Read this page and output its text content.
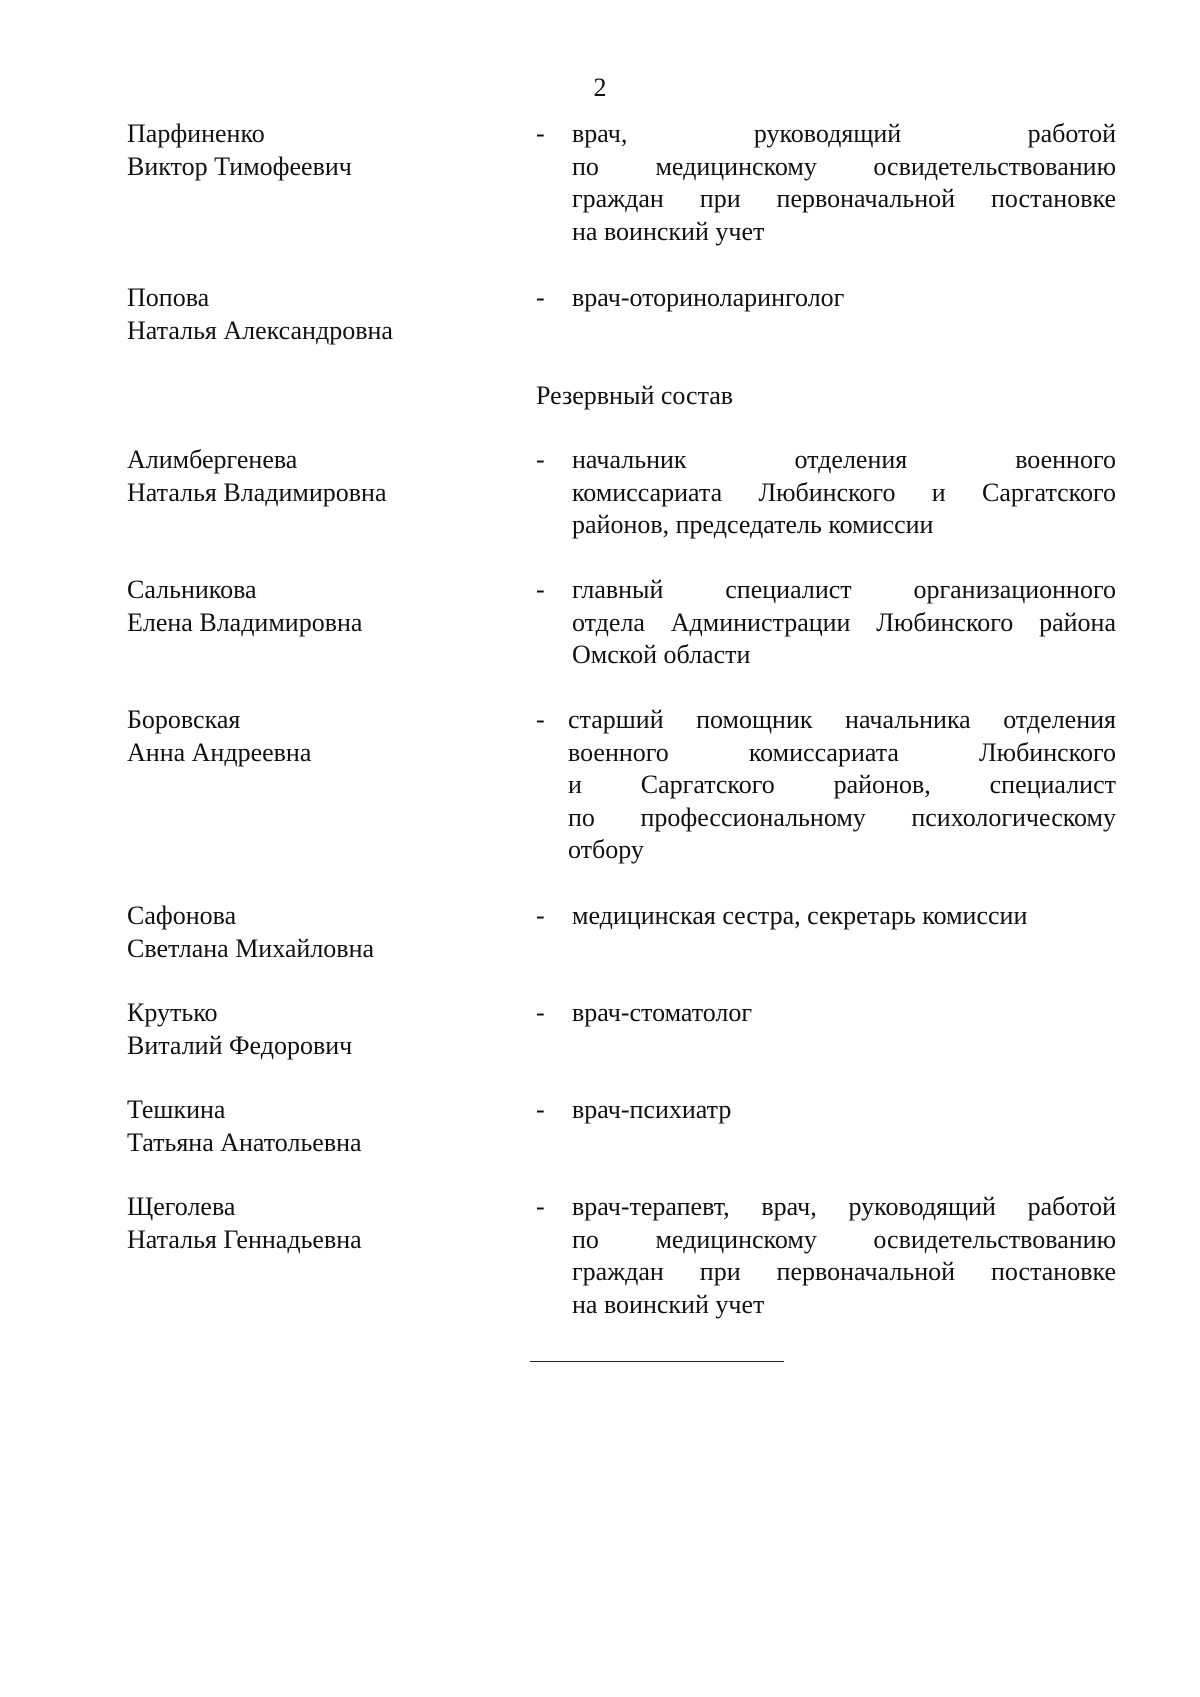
2
Парфиненко
Виктор Тимофеевич
- врач, руководящий работой
по медицинскому освидетельствованию
граждан при первоначальной постановке
на воинский учет
Попова
Наталья Александровна
- врач-оториноларинголог
Резервный состав
Алимбергенева
Наталья Владимировна
- начальник отделения военного
комиссариата Любинского и Саргатского
районов, председатель комиссии
Сальникова
Елена Владимировна
- главный специалист организационного
отдела Администрации Любинского района
Омской области
Боровская
Анна Андреевна
- старший помощник начальника отделения
военного комиссариата Любинского
и Саргатского районов, специалист
по профессиональному психологическому
отбору
Сафонова
Светлана Михайловна
- медицинская сестра, секретарь комиссии
Крутько
Виталий Федорович
- врач-стоматолог
Тешкина
Татьяна Анатольевна
- врач-психиатр
Щеголева
Наталья Геннадьевна
- врач-терапевт, врач, руководящий работой
по медицинскому освидетельствованию
граждан при первоначальной постановке
на воинский учет
